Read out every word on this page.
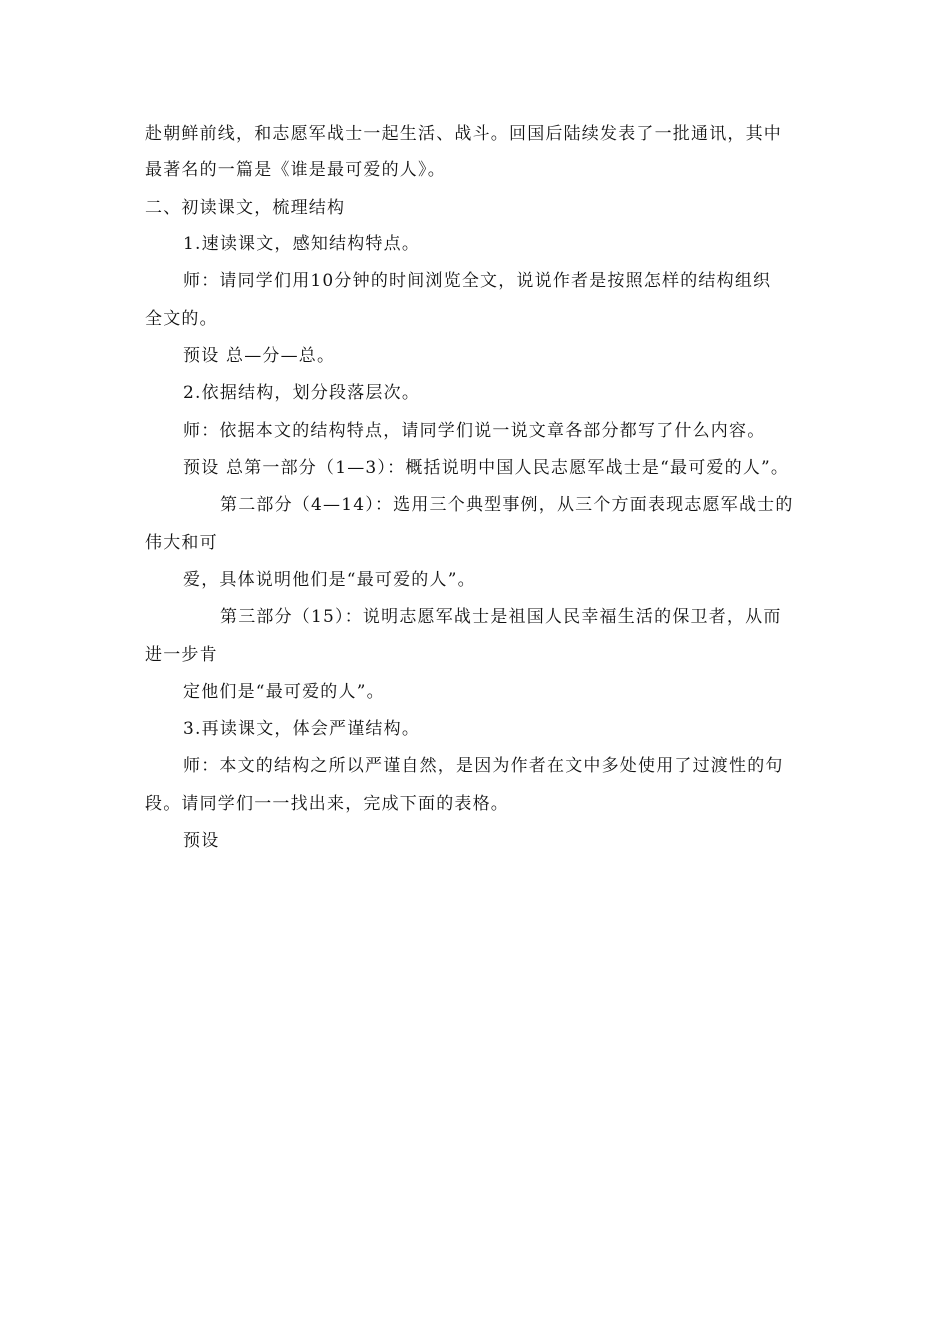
赴朝鲜前线，和志愿军战士一起生活、战斗。回国后陆续发表了一批通讯，其中
最著名的一篇是《谁是最可爱的人》。
二、初读课文，梳理结构
1.速读课文，感知结构特点。
师：请同学们用10分钟的时间浏览全文，说说作者是按照怎样的结构组织
全文的。
预设 总—分—总。
2.依据结构，划分段落层次。
师：依据本文的结构特点，请同学们说一说文章各部分都写了什么内容。
预设 总第一部分（1—3）：概括说明中国人民志愿军战士是“最可爱的人”。
第二部分（4—14）：选用三个典型事例，从三个方面表现志愿军战士的
伟大和可
爱，具体说明他们是“最可爱的人”。
第三部分（15）：说明志愿军战士是祖国人民幸福生活的保卫者，从而
进一步肯
定他们是“最可爱的人”。
3.再读课文，体会严谨结构。
师：本文的结构之所以严谨自然，是因为作者在文中多处使用了过渡性的句
段。请同学们一一找出来，完成下面的表格。
预设
